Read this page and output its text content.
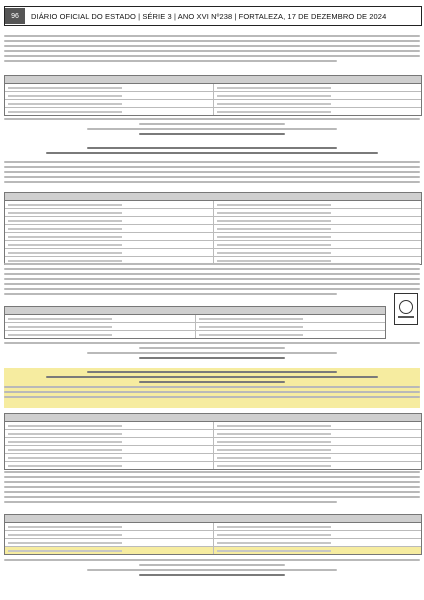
96	DIÁRIO OFICIAL DO ESTADO | SÉRIE 3 | ANO XVI Nº238 | FORTALEZA, 17 DE DEZEMBRO DE 2024
